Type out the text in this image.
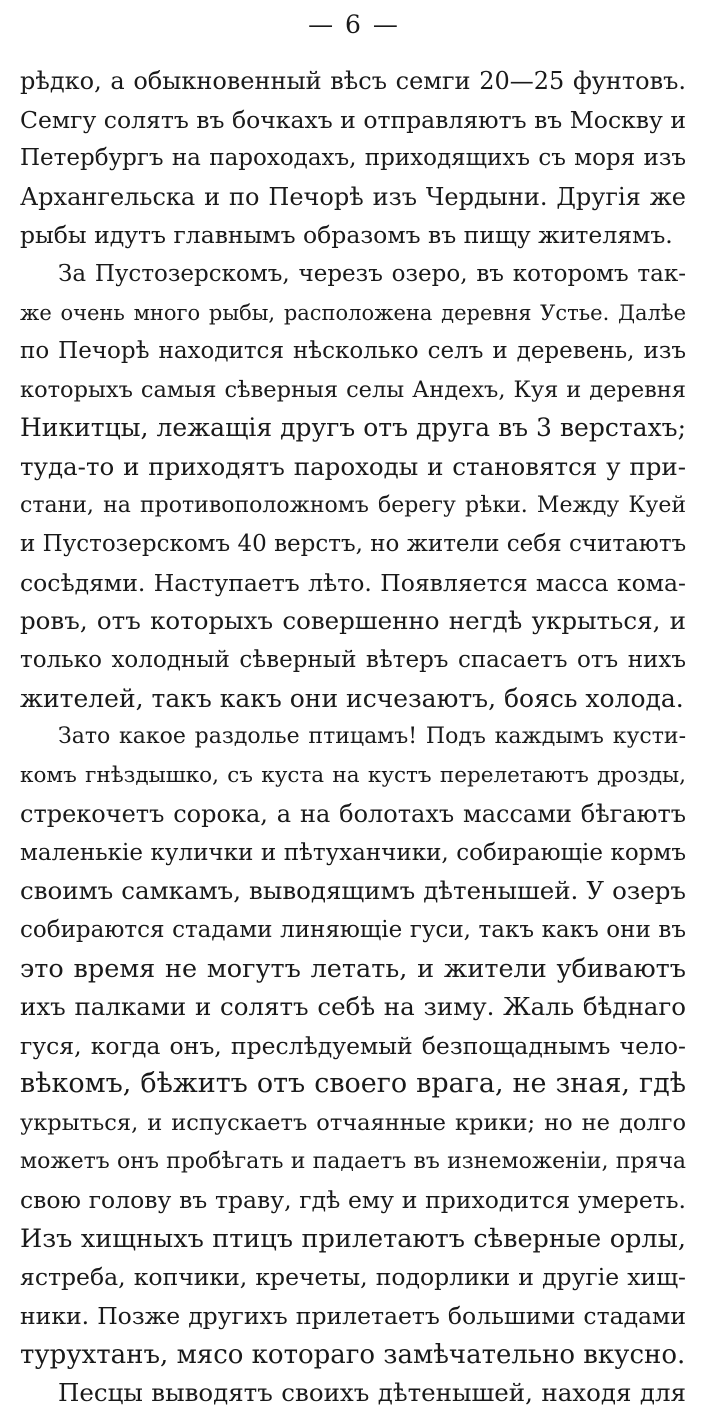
— 6 —
рѣдко, а обыкновенный вѣсъ семги 20—25 фунтовъ.
Семгу солятъ въ бочкахъ и отправляютъ въ Москву и
Петербургъ на пароходахъ, приходящихъ съ моря изъ
Архангельска и по Печорѣ изъ Чердыни. Другія же
рыбы идутъ главнымъ образомъ въ пищу жителямъ.
За Пустозерскомъ, черезъ озеро, въ которомъ так-
же очень много рыбы, расположена деревня Устье. Далѣе
по Печорѣ находится нѣсколько селъ и деревень, изъ
которыхъ самыя сѣверныя селы Андехъ, Куя и деревня
Никитцы, лежащія другъ отъ друга въ 3 верстахъ;
туда-то и приходятъ пароходы и становятся у при-
стани, на противоположномъ берегу рѣки. Между Куей
и Пустозерскомъ 40 верстъ, но жители себя считаютъ
сосѣдями. Наступаетъ лѣто. Появляется масса кома-
ровъ, отъ которыхъ совершенно негдѣ укрыться, и
только холодный сѣверный вѣтеръ спасаетъ отъ нихъ
жителей, такъ какъ они исчезаютъ, боясь холода.
Зато какое раздолье птицамъ! Подъ каждымъ кусти-
комъ гнѣздышко, съ куста на кустъ перелетаютъ дрозды,
стрекочетъ сорока, а на болотахъ массами бѣгаютъ
маленькіе кулички и пѣтуханчики, собирающіе кормъ
своимъ самкамъ, выводящимъ дѣтенышей. У озеръ
собираются стадами линяющіе гуси, такъ какъ они въ
это время не могутъ летать, и жители убиваютъ
ихъ палками и солятъ себѣ на зиму. Жаль бѣднаго
гуся, когда онъ, преслѣдуемый безпощаднымъ чело-
вѣкомъ, бѣжитъ отъ своего врага, не зная, гдѣ
укрыться, и испускаетъ отчаянные крики; но не долго
можетъ онъ пробѣгать и падаетъ въ изнеможеніи, пряча
свою голову въ траву, гдѣ ему и приходится умереть.
Изъ хищныхъ птицъ прилетаютъ сѣверные орлы,
ястреба, копчики, кречеты, подорлики и другіе хищ-
ники. Позже другихъ прилетаетъ большими стадами
турухтанъ, мясо котораго замѣчательно вкусно.
Песцы выводятъ своихъ дѣтенышей, находя для
